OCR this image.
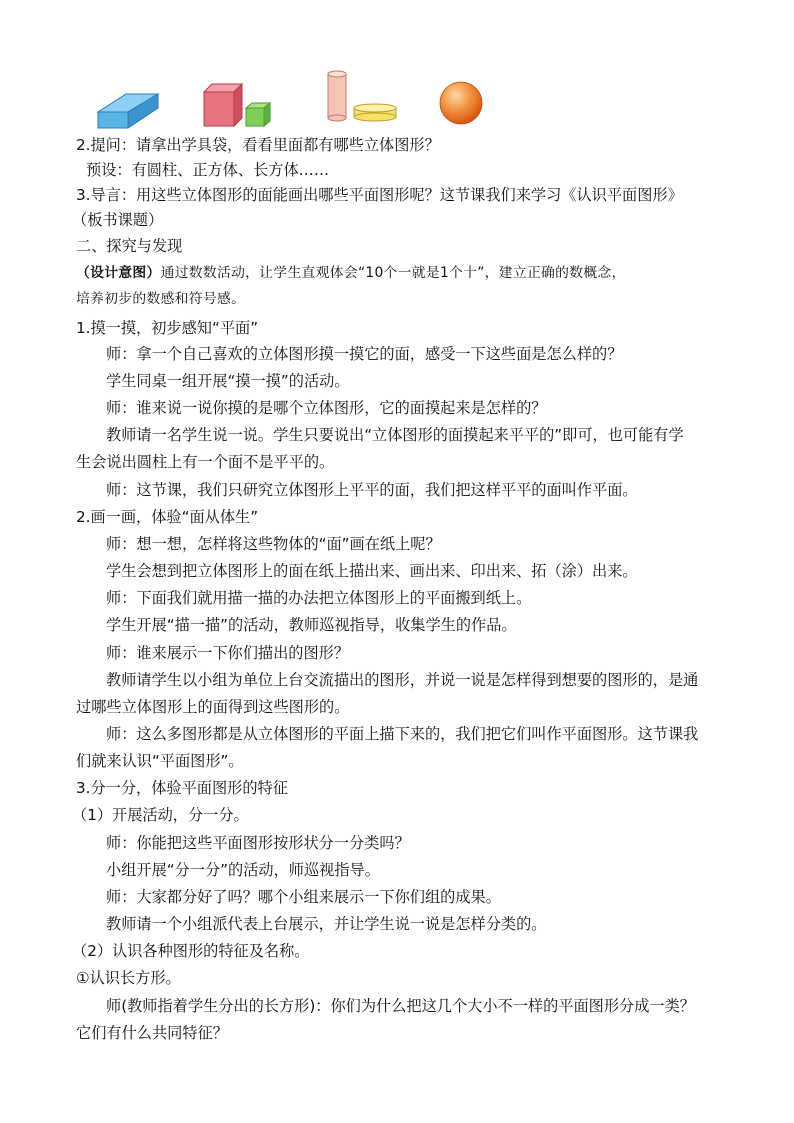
2.提问：请拿出学具袋，看看里面都有哪些立体图形？
预设：有圆柱、正方体、长方体……
3.导言：用这些立体图形的面能画出哪些平面图形呢？这节课我们来学习《认识平面图形》
（板书课题）
二、探究与发现
（设计意图）通过数数活动，让学生直观体会“10个一就是1个十”，建立正确的数概念，
培养初步的数感和符号感。
1.摸一摸，初步感知“平面”
师：拿一个自己喜欢的立体图形摸一摸它的面，感受一下这些面是怎么样的？
学生同桌一组开展“摸一摸”的活动。
师：谁来说一说你摸的是哪个立体图形，它的面摸起来是怎样的？
教师请一名学生说一说。学生只要说出“立体图形的面摸起来平平的”即可，也可能有学
生会说出圆柱上有一个面不是平平的。
师：这节课，我们只研究立体图形上平平的面，我们把这样平平的面叫作平面。
2.画一画，体验“面从体生”
师：想一想，怎样将这些物体的“面”画在纸上呢？
学生会想到把立体图形上的面在纸上描出来、画出来、印出来、拓（涂）出来。
师：下面我们就用描一描的办法把立体图形上的平面搬到纸上。
学生开展“描一描”的活动，教师巡视指导，收集学生的作品。
师：谁来展示一下你们描出的图形？
教师请学生以小组为单位上台交流描出的图形，并说一说是怎样得到想要的图形的，是通
过哪些立体图形上的面得到这些图形的。
师：这么多图形都是从立体图形的平面上描下来的，我们把它们叫作平面图形。这节课我
们就来认识“平面图形”。
3.分一分，体验平面图形的特征
（1）开展活动，分一分。
师：你能把这些平面图形按形状分一分类吗？
小组开展“分一分”的活动，师巡视指导。
师：大家都分好了吗？哪个小组来展示一下你们组的成果。
教师请一个小组派代表上台展示，并让学生说一说是怎样分类的。
（2）认识各种图形的特征及名称。
①认识长方形。
师(教师指着学生分出的长方形)：你们为什么把这几个大小不一样的平面图形分成一类？
它们有什么共同特征？
